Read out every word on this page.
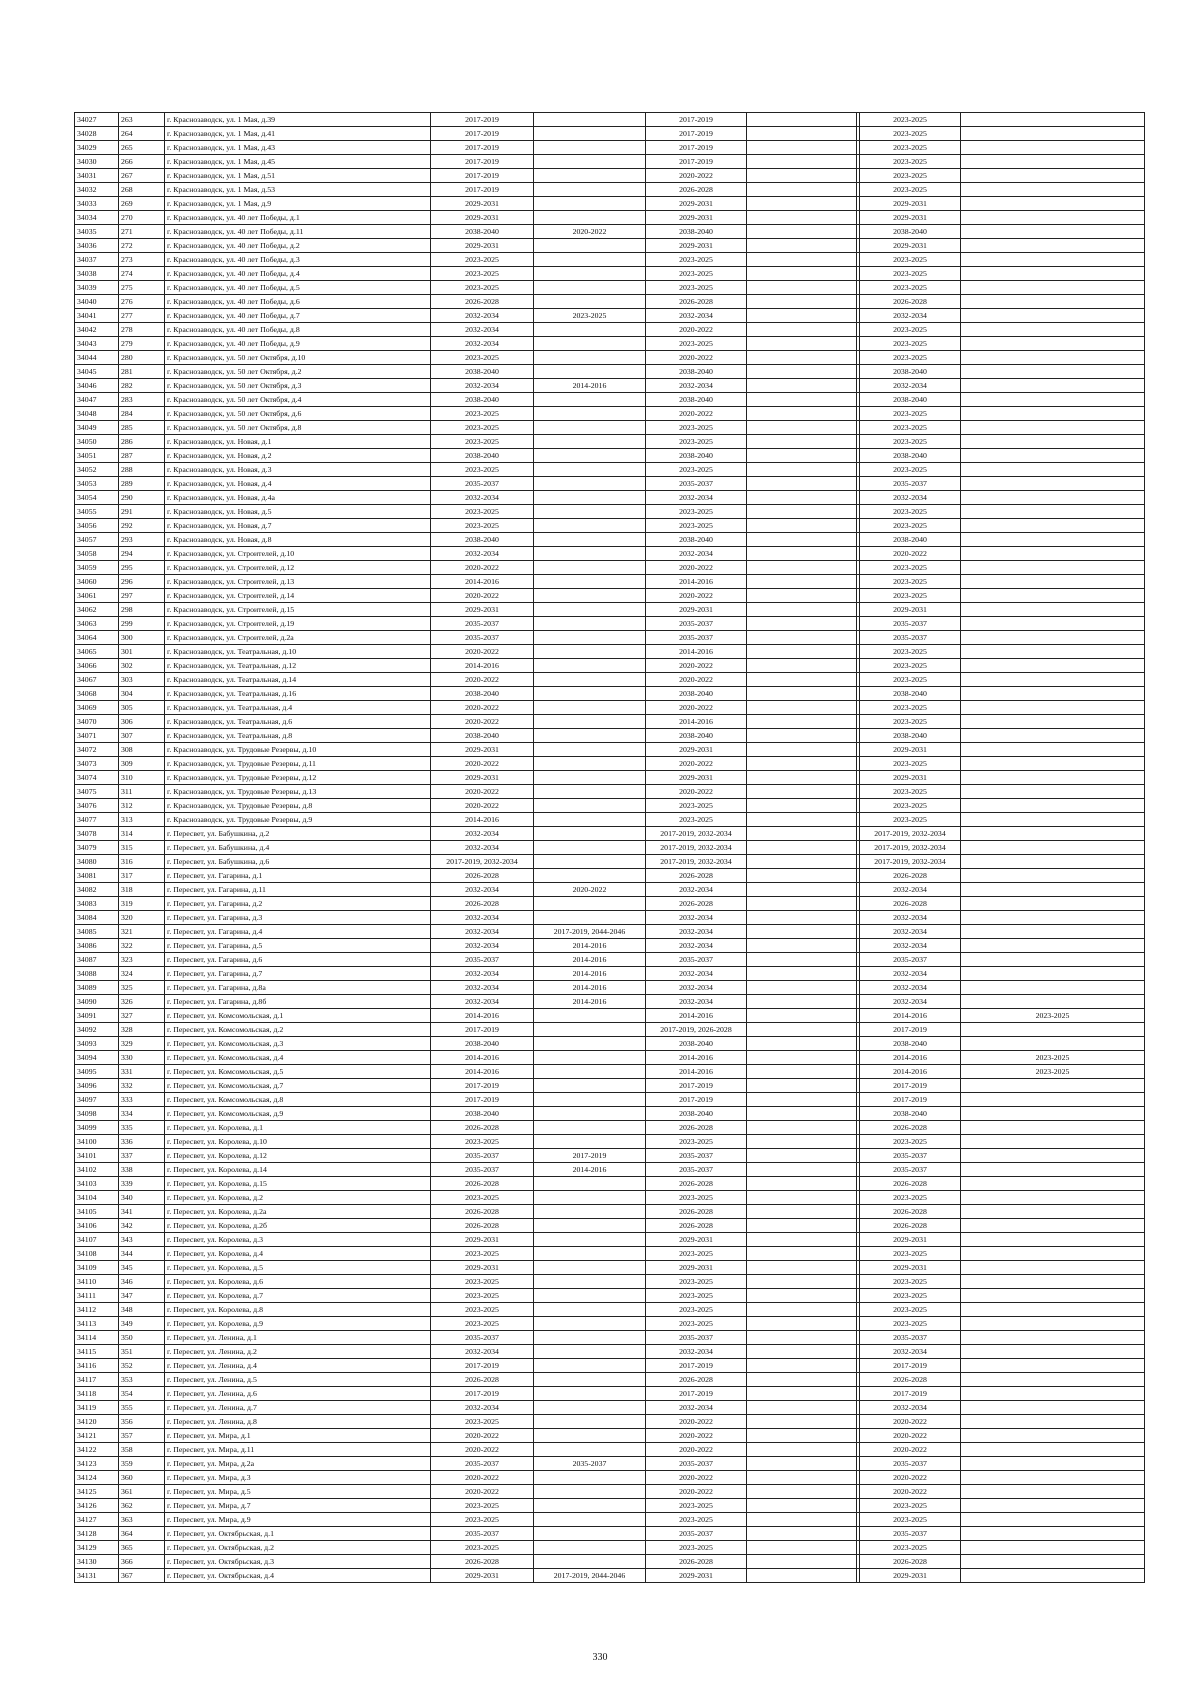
34027	263	г. Краснозаводск, ул. 1 Мая, д.39	2017-2019		2017-2019			2023-2025	
34028	264	г. Краснозаводск, ул. 1 Мая, д.41	2017-2019		2017-2019			2023-2025	
34029	265	г. Краснозаводск, ул. 1 Мая, д.43	2017-2019		2017-2019			2023-2025	
34030	266	г. Краснозаводск, ул. 1 Мая, д.45	2017-2019		2017-2019			2023-2025	
34031	267	г. Краснозаводск, ул. 1 Мая, д.51	2017-2019		2020-2022			2023-2025	
34032	268	г. Краснозаводск, ул. 1 Мая, д.53	2017-2019		2026-2028			2023-2025	
34033	269	г. Краснозаводск, ул. 1 Мая, д.9	2029-2031		2029-2031			2029-2031	
34034	270	г. Краснозаводск, ул. 40 лет Победы, д.1	2029-2031		2029-2031			2029-2031	
34035	271	г. Краснозаводск, ул. 40 лет Победы, д.11	2038-2040	2020-2022	2038-2040			2038-2040	
34036	272	г. Краснозаводск, ул. 40 лет Победы, д.2	2029-2031		2029-2031			2029-2031	
34037	273	г. Краснозаводск, ул. 40 лет Победы, д.3	2023-2025		2023-2025			2023-2025	
34038	274	г. Краснозаводск, ул. 40 лет Победы, д.4	2023-2025		2023-2025			2023-2025	
34039	275	г. Краснозаводск, ул. 40 лет Победы, д.5	2023-2025		2023-2025			2023-2025	
34040	276	г. Краснозаводск, ул. 40 лет Победы, д.6	2026-2028		2026-2028			2026-2028	
34041	277	г. Краснозаводск, ул. 40 лет Победы, д.7	2032-2034	2023-2025	2032-2034			2032-2034	
34042	278	г. Краснозаводск, ул. 40 лет Победы, д.8	2032-2034		2020-2022			2023-2025	
34043	279	г. Краснозаводск, ул. 40 лет Победы, д.9	2032-2034		2023-2025			2023-2025	
34044	280	г. Краснозаводск, ул. 50 лет Октября, д.10	2023-2025		2020-2022			2023-2025	
34045	281	г. Краснозаводск, ул. 50 лет Октября, д.2	2038-2040		2038-2040			2038-2040	
34046	282	г. Краснозаводск, ул. 50 лет Октября, д.3	2032-2034	2014-2016	2032-2034			2032-2034	
34047	283	г. Краснозаводск, ул. 50 лет Октября, д.4	2038-2040		2038-2040			2038-2040	
34048	284	г. Краснозаводск, ул. 50 лет Октября, д.6	2023-2025		2020-2022			2023-2025	
34049	285	г. Краснозаводск, ул. 50 лет Октября, д.8	2023-2025		2023-2025			2023-2025	
34050	286	г. Краснозаводск, ул. Новая, д.1	2023-2025		2023-2025			2023-2025	
34051	287	г. Краснозаводск, ул. Новая, д.2	2038-2040		2038-2040			2038-2040	
34052	288	г. Краснозаводск, ул. Новая, д.3	2023-2025		2023-2025			2023-2025	
34053	289	г. Краснозаводск, ул. Новая, д.4	2035-2037		2035-2037			2035-2037	
34054	290	г. Краснозаводск, ул. Новая, д.4а	2032-2034		2032-2034			2032-2034	
34055	291	г. Краснозаводск, ул. Новая, д.5	2023-2025		2023-2025			2023-2025	
34056	292	г. Краснозаводск, ул. Новая, д.7	2023-2025		2023-2025			2023-2025	
34057	293	г. Краснозаводск, ул. Новая, д.8	2038-2040		2038-2040			2038-2040	
34058	294	г. Краснозаводск, ул. Строителей, д.10	2032-2034		2032-2034			2020-2022	
34059	295	г. Краснозаводск, ул. Строителей, д.12	2020-2022		2020-2022			2023-2025	
34060	296	г. Краснозаводск, ул. Строителей, д.13	2014-2016		2014-2016			2023-2025	
34061	297	г. Краснозаводск, ул. Строителей, д.14	2020-2022		2020-2022			2023-2025	
34062	298	г. Краснозаводск, ул. Строителей, д.15	2029-2031		2029-2031			2029-2031	
34063	299	г. Краснозаводск, ул. Строителей, д.19	2035-2037		2035-2037			2035-2037	
34064	300	г. Краснозаводск, ул. Строителей, д.2а	2035-2037		2035-2037			2035-2037	
34065	301	г. Краснозаводск, ул. Театральная, д.10	2020-2022		2014-2016			2023-2025	
34066	302	г. Краснозаводск, ул. Театральная, д.12	2014-2016		2020-2022			2023-2025	
34067	303	г. Краснозаводск, ул. Театральная, д.14	2020-2022		2020-2022			2023-2025	
34068	304	г. Краснозаводск, ул. Театральная, д.16	2038-2040		2038-2040			2038-2040	
34069	305	г. Краснозаводск, ул. Театральная, д.4	2020-2022		2020-2022			2023-2025	
34070	306	г. Краснозаводск, ул. Театральная, д.6	2020-2022		2014-2016			2023-2025	
34071	307	г. Краснозаводск, ул. Театральная, д.8	2038-2040		2038-2040			2038-2040	
34072	308	г. Краснозаводск, ул. Трудовые Резервы, д.10	2029-2031		2029-2031			2029-2031	
34073	309	г. Краснозаводск, ул. Трудовые Резервы, д.11	2020-2022		2020-2022			2023-2025	
34074	310	г. Краснозаводск, ул. Трудовые Резервы, д.12	2029-2031		2029-2031			2029-2031	
34075	311	г. Краснозаводск, ул. Трудовые Резервы, д.13	2020-2022		2020-2022			2023-2025	
34076	312	г. Краснозаводск, ул. Трудовые Резервы, д.8	2020-2022		2023-2025			2023-2025	
34077	313	г. Краснозаводск, ул. Трудовые Резервы, д.9	2014-2016		2023-2025			2023-2025	
34078	314	г. Пересвет, ул. Бабушкина, д.2	2032-2034		2017-2019, 2032-2034			2017-2019, 2032-2034	
34079	315	г. Пересвет, ул. Бабушкина, д.4	2032-2034		2017-2019, 2032-2034			2017-2019, 2032-2034	
34080	316	г. Пересвет, ул. Бабушкина, д.6	2017-2019, 2032-2034		2017-2019, 2032-2034			2017-2019, 2032-2034	
34081	317	г. Пересвет, ул. Гагарина, д.1	2026-2028		2026-2028			2026-2028	
34082	318	г. Пересвет, ул. Гагарина, д.11	2032-2034	2020-2022	2032-2034			2032-2034	
34083	319	г. Пересвет, ул. Гагарина, д.2	2026-2028		2026-2028			2026-2028	
34084	320	г. Пересвет, ул. Гагарина, д.3	2032-2034		2032-2034			2032-2034	
34085	321	г. Пересвет, ул. Гагарина, д.4	2032-2034	2017-2019, 2044-2046	2032-2034			2032-2034	
34086	322	г. Пересвет, ул. Гагарина, д.5	2032-2034	2014-2016	2032-2034			2032-2034	
34087	323	г. Пересвет, ул. Гагарина, д.6	2035-2037	2014-2016	2035-2037			2035-2037	
34088	324	г. Пересвет, ул. Гагарина, д.7	2032-2034	2014-2016	2032-2034			2032-2034	
34089	325	г. Пересвет, ул. Гагарина, д.8а	2032-2034	2014-2016	2032-2034			2032-2034	
34090	326	г. Пересвет, ул. Гагарина, д.8б	2032-2034	2014-2016	2032-2034			2032-2034	
34091	327	г. Пересвет, ул. Комсомольская, д.1	2014-2016		2014-2016			2014-2016	2023-2025
34092	328	г. Пересвет, ул. Комсомольская, д.2	2017-2019		2017-2019, 2026-2028			2017-2019	
34093	329	г. Пересвет, ул. Комсомольская, д.3	2038-2040		2038-2040			2038-2040	
34094	330	г. Пересвет, ул. Комсомольская, д.4	2014-2016		2014-2016			2014-2016	2023-2025
34095	331	г. Пересвет, ул. Комсомольская, д.5	2014-2016		2014-2016			2014-2016	2023-2025
34096	332	г. Пересвет, ул. Комсомольская, д.7	2017-2019		2017-2019			2017-2019	
34097	333	г. Пересвет, ул. Комсомольская, д.8	2017-2019		2017-2019			2017-2019	
34098	334	г. Пересвет, ул. Комсомольская, д.9	2038-2040		2038-2040			2038-2040	
34099	335	г. Пересвет, ул. Королева, д.1	2026-2028		2026-2028			2026-2028	
34100	336	г. Пересвет, ул. Королева, д.10	2023-2025		2023-2025			2023-2025	
34101	337	г. Пересвет, ул. Королева, д.12	2035-2037	2017-2019	2035-2037			2035-2037	
34102	338	г. Пересвет, ул. Королева, д.14	2035-2037	2014-2016	2035-2037			2035-2037	
34103	339	г. Пересвет, ул. Королева, д.15	2026-2028		2026-2028			2026-2028	
34104	340	г. Пересвет, ул. Королева, д.2	2023-2025		2023-2025			2023-2025	
34105	341	г. Пересвет, ул. Королева, д.2а	2026-2028		2026-2028			2026-2028	
34106	342	г. Пересвет, ул. Королева, д.2б	2026-2028		2026-2028			2026-2028	
34107	343	г. Пересвет, ул. Королева, д.3	2029-2031		2029-2031			2029-2031	
34108	344	г. Пересвет, ул. Королева, д.4	2023-2025		2023-2025			2023-2025	
34109	345	г. Пересвет, ул. Королева, д.5	2029-2031		2029-2031			2029-2031	
34110	346	г. Пересвет, ул. Королева, д.6	2023-2025		2023-2025			2023-2025	
34111	347	г. Пересвет, ул. Королева, д.7	2023-2025		2023-2025			2023-2025	
34112	348	г. Пересвет, ул. Королева, д.8	2023-2025		2023-2025			2023-2025	
34113	349	г. Пересвет, ул. Королева, д.9	2023-2025		2023-2025			2023-2025	
34114	350	г. Пересвет, ул. Ленина, д.1	2035-2037		2035-2037			2035-2037	
34115	351	г. Пересвет, ул. Ленина, д.2	2032-2034		2032-2034			2032-2034	
34116	352	г. Пересвет, ул. Ленина, д.4	2017-2019		2017-2019			2017-2019	
34117	353	г. Пересвет, ул. Ленина, д.5	2026-2028		2026-2028			2026-2028	
34118	354	г. Пересвет, ул. Ленина, д.6	2017-2019		2017-2019			2017-2019	
34119	355	г. Пересвет, ул. Ленина, д.7	2032-2034		2032-2034			2032-2034	
34120	356	г. Пересвет, ул. Ленина, д.8	2023-2025		2020-2022			2020-2022	
34121	357	г. Пересвет, ул. Мира, д.1	2020-2022		2020-2022			2020-2022	
34122	358	г. Пересвет, ул. Мира, д.11	2020-2022		2020-2022			2020-2022	
34123	359	г. Пересвет, ул. Мира, д.2а	2035-2037	2035-2037	2035-2037			2035-2037	
34124	360	г. Пересвет, ул. Мира, д.3	2020-2022		2020-2022			2020-2022	
34125	361	г. Пересвет, ул. Мира, д.5	2020-2022		2020-2022			2020-2022	
34126	362	г. Пересвет, ул. Мира, д.7	2023-2025		2023-2025			2023-2025	
34127	363	г. Пересвет, ул. Мира, д.9	2023-2025		2023-2025			2023-2025	
34128	364	г. Пересвет, ул. Октябрьская, д.1	2035-2037		2035-2037			2035-2037	
34129	365	г. Пересвет, ул. Октябрьская, д.2	2023-2025		2023-2025			2023-2025	
34130	366	г. Пересвет, ул. Октябрьская, д.3	2026-2028		2026-2028			2026-2028	
34131	367	г. Пересвет, ул. Октябрьская, д.4	2029-2031	2017-2019, 2044-2046	2029-2031			2029-2031	
330
